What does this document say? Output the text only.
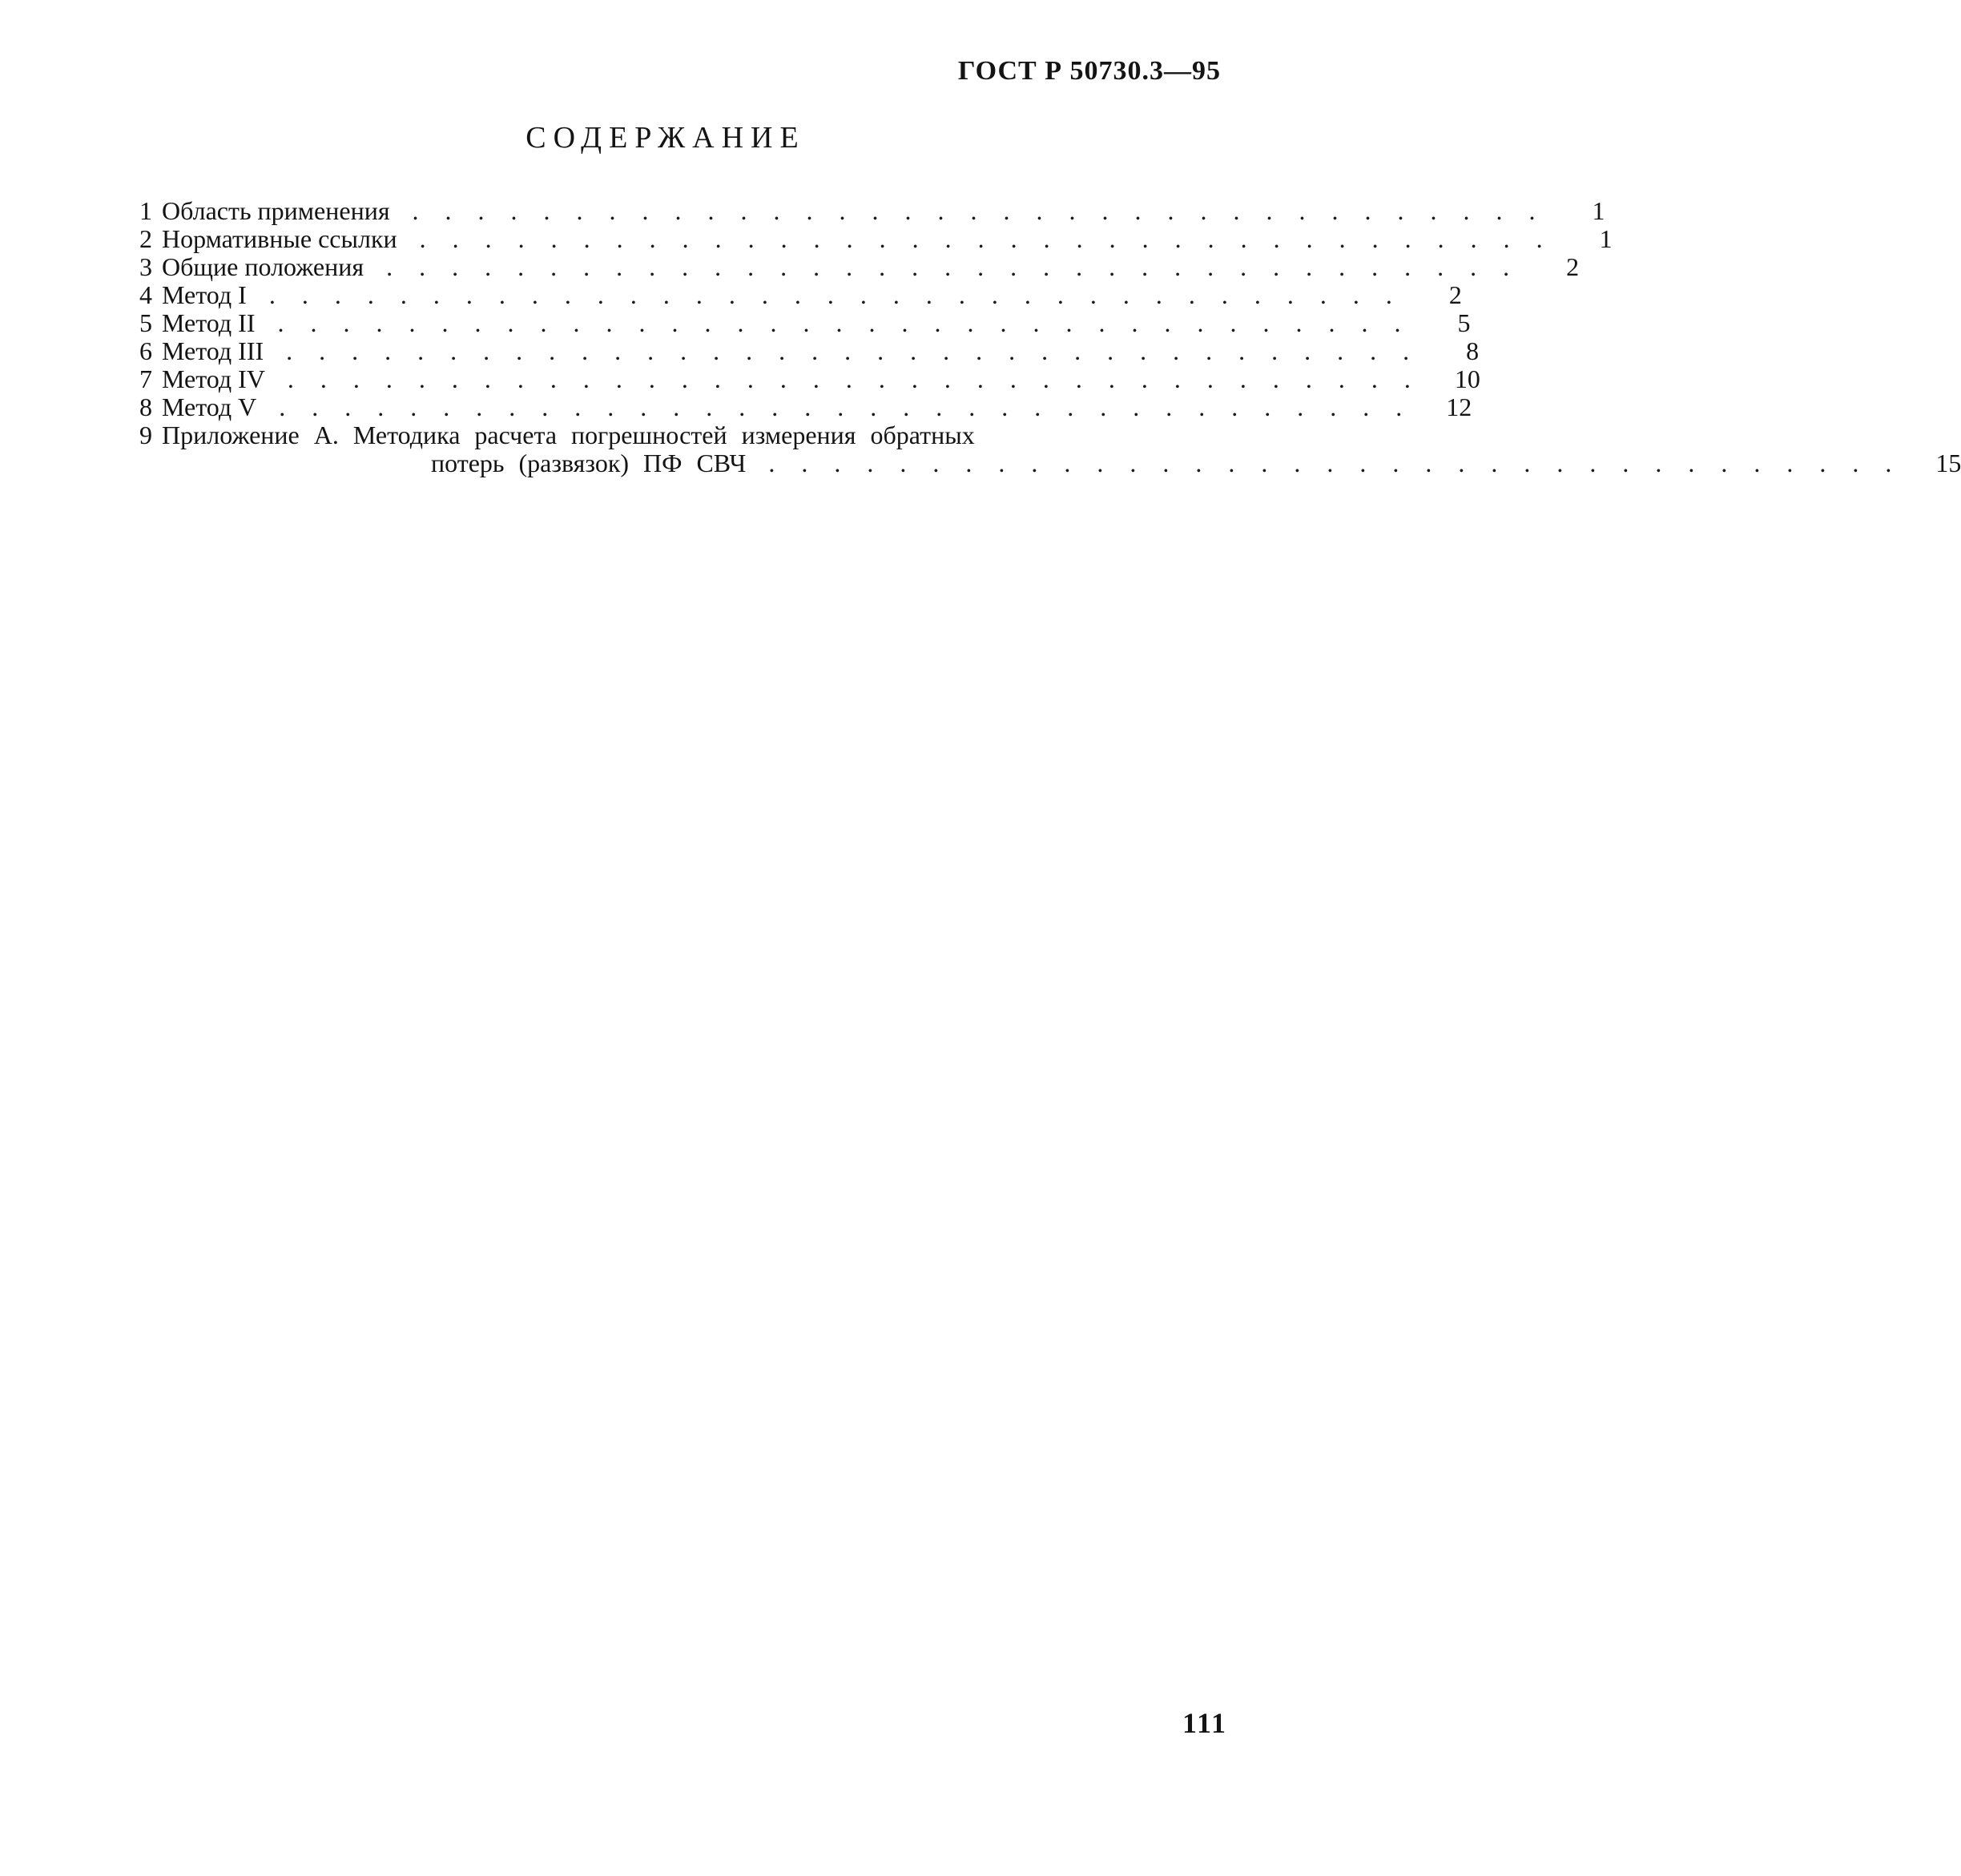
ГОСТ Р 50730.3—95
СОДЕРЖАНИЕ
1 Область применения ...................................	1
2 Нормативные ссылки ...................................	1
3 Общие положения ...................................	2
4 Метод I ...................................	2
5 Метод II ...................................	5
6 Метод III ...................................	8
7 Метод IV ................................... 10
8 Метод V ................................... 12
9 Приложение А. Методика расчета погрешностей измерения обратных
потерь (развязок) ПФ СВЧ ................................... 15
111
